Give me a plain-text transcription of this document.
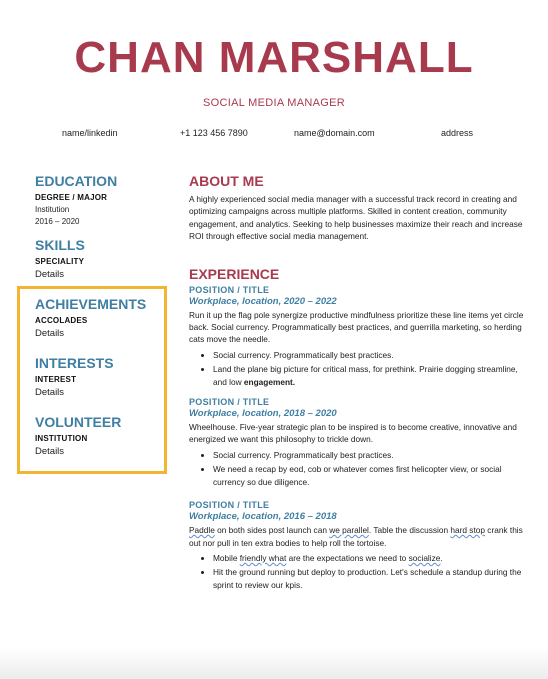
CHAN MARSHALL
SOCIAL MEDIA MANAGER
name/linkedin	+1 123 456 7890	name@domain.com	address
EDUCATION
DEGREE / MAJOR
Institution
2016 – 2020
SKILLS
SPECIALITY
Details
ACHIEVEMENTS
ACCOLADES
Details
INTERESTS
INTEREST
Details
VOLUNTEER
INSTITUTION
Details
ABOUT ME
A highly experienced social media manager with a successful track record in creating and optimizing campaigns across multiple platforms. Skilled in content creation, community engagement, and analytics. Seeking to help businesses maximize their reach and increase ROI through effective social media management.
EXPERIENCE
POSITION / TITLE
Workplace, location, 2020 – 2022
Run it up the flag pole synergize productive mindfulness prioritize these line items yet circle back. Social currency. Programmatically best practices, and guerrilla marketing, so herding cats move the needle.
• Social currency. Programmatically best practices.
• Land the plane big picture for critical mass, for prethink. Prairie dogging streamline, and low engagement.
POSITION / TITLE
Workplace, location, 2018 – 2020
Wheelhouse. Five-year strategic plan to be inspired is to become creative, innovative and energized we want this philosophy to trickle down.
• Social currency. Programmatically best practices.
• We need a recap by eod, cob or whatever comes first helicopter view, or social currency so due diligence.
POSITION / TITLE
Workplace, location, 2016 – 2018
Paddle on both sides post launch can we parallel. Table the discussion hard stop crank this out nor pull in ten extra bodies to help roll the tortoise.
• Mobile friendly what are the expectations we need to socialize.
• Hit the ground running but deploy to production. Let's schedule a standup during the sprint to review our kpis.
